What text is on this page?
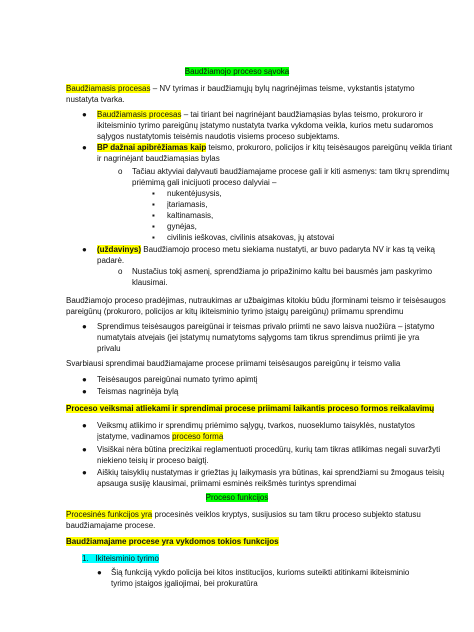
Baudžiamojo proceso sąvoka
Baudžiamasis procesas – NV tyrimas ir baudžiamųjų bylų nagrinėjimas teisme, vykstantis įstatymo
nustatyta tvarka.
● Baudžiamasis procesas – tai tiriant bei nagrinėjant baudžiamąsias bylas teismo, prokuroro ir
ikiteisminio tyrimo pareigūnų įstatymo nustatyta tvarka vykdoma veikla, kurios metu sudaromos
sąlygos nustatytomis teisėmis naudotis visiems proceso subjektams.
● BP dažnai apibrėžiamas kaip teismo, prokuroro, policijos ir kitų teisėsaugos pareigūnų veikla tiriant
ir nagrinėjant baudžiamąsias bylas
o Tačiau aktyviai dalyvauti baudžiamajame procese gali ir kiti asmenys: tam tikrų sprendimų
priėmimą gali inicijuoti proceso dalyviai –
▪ nukentėjusysis,
▪ įtariamasis,
▪ kaltinamasis,
▪ gynėjas,
▪ civilinis ieškovas, civilinis atsakovas, jų atstovai
● (uždavinys) Baudžiamojo proceso metu siekiama nustatyti, ar buvo padaryta NV ir kas tą veiką
padarė.
o Nustačius tokį asmenį, sprendžiama jo pripažinimo kaltu bei bausmės jam paskyrimo
klausimai.
Baudžiamojo proceso pradėjimas, nutraukimas ar užbaigimas kitokiu būdu įforminami teismo ir teisėsaugos
pareigūnų (prokuroro, policijos ar kitų ikiteisminio tyrimo įstaigų pareigūnų) priimamu sprendimu
● Sprendimus teisėsaugos pareigūnai ir teismas privalo priimti ne savo laisva nuožiūra – įstatymo
numatytais atvejais (jei įstatymų numatytoms sąlygoms tam tikrus sprendimus priimti jie yra
privalu
Svarbiausi sprendimai baudžiamajame procese priimami teisėsaugos pareigūnų ir teismo valia
● Teisėsaugos pareigūnai numato tyrimo apimtį
● Teismas nagrinėja bylą
Proceso veiksmai atliekami ir sprendimai procese priimami laikantis proceso formos reikalavimų
● Veiksmų atlikimo ir sprendimų priėmimo sąlygų, tvarkos, nuoseklumo taisyklės, nustatytos
įstatyme, vadinamos proceso forma
● Visiškai nėra būtina precizikai reglamentuoti procedūrų, kurių tam tikras atlikimas negali suvaržyti
niekieno teisių ir proceso baigtį.
● Aiškių taisyklių nustatymas ir griežtas jų laikymasis yra būtinas, kai sprendžiami su žmogaus teisių
apsauga susiję klausimai, priimami esminės reikšmės turintys sprendimai
Proceso funkcijos
Procesinės funkcijos yra procesinės veiklos kryptys, susijusios su tam tikru proceso subjekto statusu
baudžiamajame procese.
Baudžiamajame procese yra vykdomos tokios funkcijos
1. Ikiteisminio tyrimo
● Šią funkciją vykdo policija bei kitos institucijos, kurioms suteikti atitinkami ikiteisminio
tyrimo įstaigos įgaliojimai, bei prokuratūra
